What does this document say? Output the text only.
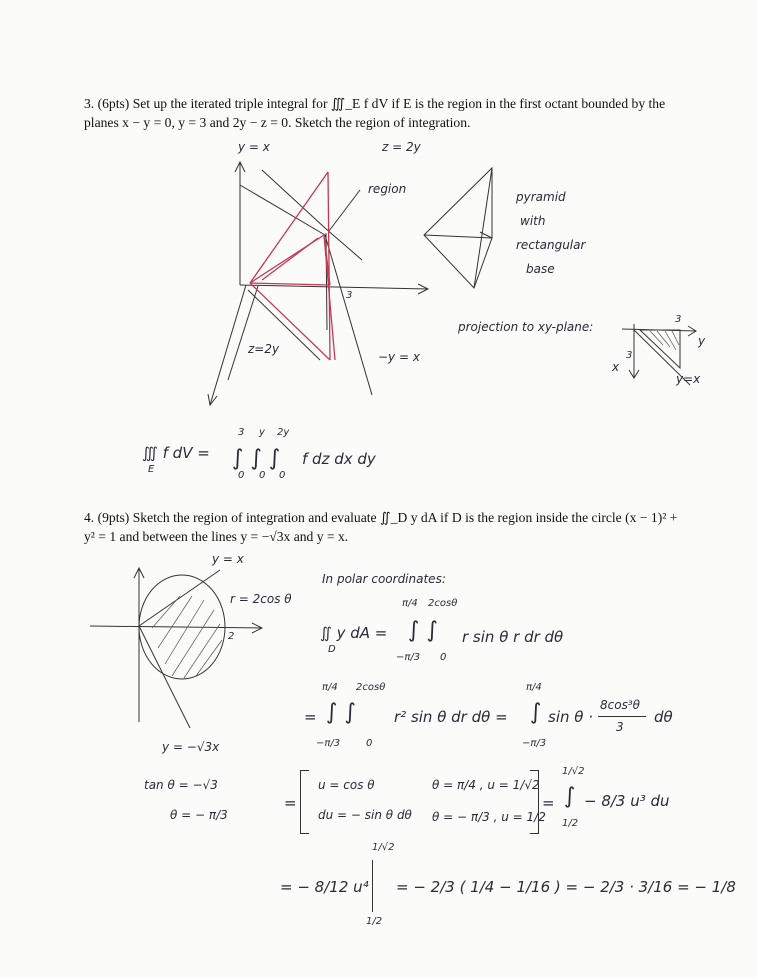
3. (6pts) Set up the iterated triple integral for ∭_E f dV if E is the region in the first octant bounded by the planes x − y = 0, y = 3 and 2y − z = 0. Sketch the region of integration.
y = x	z = 2y
region
pyramid
with
rectangular
base
3
z=2y
−y = x
projection to xy-plane:
3
3
y
x
y=x
∭ f dV =
E	∫ ∫ ∫
3 y 2y
0 0 0
f dz dx dy
4. (9pts) Sketch the region of integration and evaluate ∬_D y dA if D is the region inside the circle (x − 1)² + y² = 1 and between the lines y = −√3x and y = x.
y = x
r = 2cos θ
2
y = −√3x
tan θ = −√3
θ = − π/3
In polar coordinates:
∬ y dA =
D
∫ ∫
π/4 2cosθ
−π/3 0
r sin θ r dr dθ
= ∫ ∫
π/4 2cosθ
−π/3	0
r² sin θ dr dθ = ∫
π/4
−π/3
sin θ ·
8cos³θ
3
dθ
=
u = cos θ
du = − sin θ dθ
θ = π/4 , u = 1/√2
θ = − π/3 , u = 1/2
= ∫
1/√2
1/2
− 8/3 u³ du
= − 8/12 u⁴
1/√2
1/2
= − 2/3 ( 1/4 − 1/16 ) = − 2/3 · 3/16 = − 1/8
